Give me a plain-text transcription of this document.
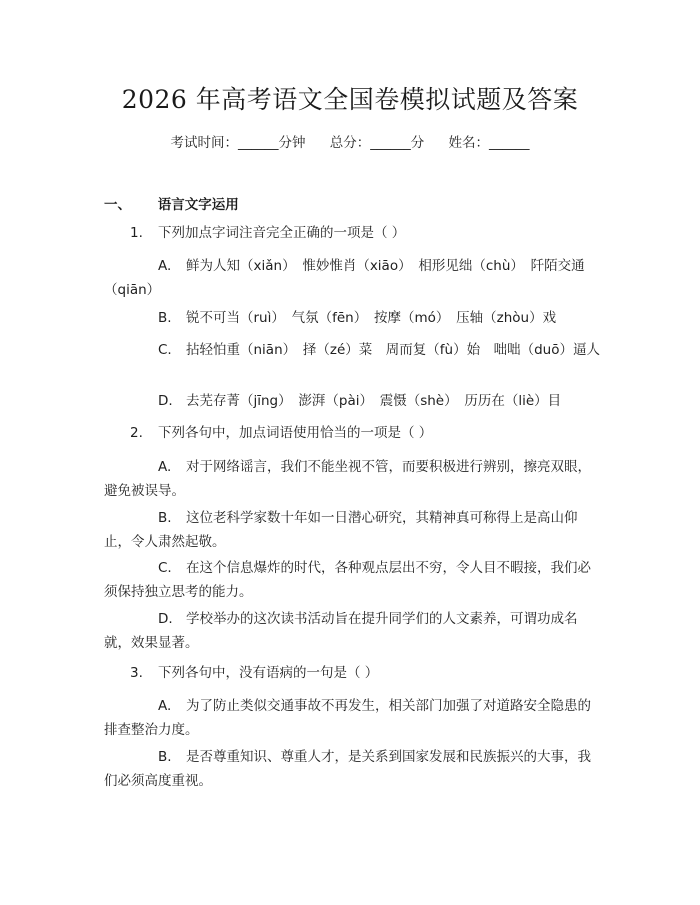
2026 年高考语文全国卷模拟试题及答案
考试时间：______分钟 总分：______分 姓名：______
一、 语言文字运用
1. 下列加点字词注音完全正确的一项是（ ）
A. 鲜为人知（xiǎn）　惟妙惟肖（xiāo）　相形见绌（chù）　阡陌交通（qiān）
B. 锐不可当（ruì）　气氛（fēn）　按摩（mó）　压轴（zhòu）戏
C. 拈轻怕重（niān）　择（zé）菜　周而复（fù）始　咄咄（duō）逼人
D. 去芜存菁（jīng）　澎湃（pài）　震慑（shè）　历历在（liè）目
2. 下列各句中，加点词语使用恰当的一项是（ ）
A. 对于网络谣言，我们不能坐视不管，而要积极进行辨别，擦亮双眼，避免被误导。
B. 这位老科学家数十年如一日潜心研究，其精神真可称得上是高山仰止，令人肃然起敬。
C. 在这个信息爆炸的时代，各种观点层出不穷，令人目不暇接，我们必须保持独立思考的能力。
D. 学校举办的这次读书活动旨在提升同学们的人文素养，可谓功成名就，效果显著。
3. 下列各句中，没有语病的一句是（ ）
A. 为了防止类似交通事故不再发生，相关部门加强了对道路安全隐患的排查整治力度。
B. 是否尊重知识、尊重人才，是关系到国家发展和民族振兴的大事，我们必须高度重视。
